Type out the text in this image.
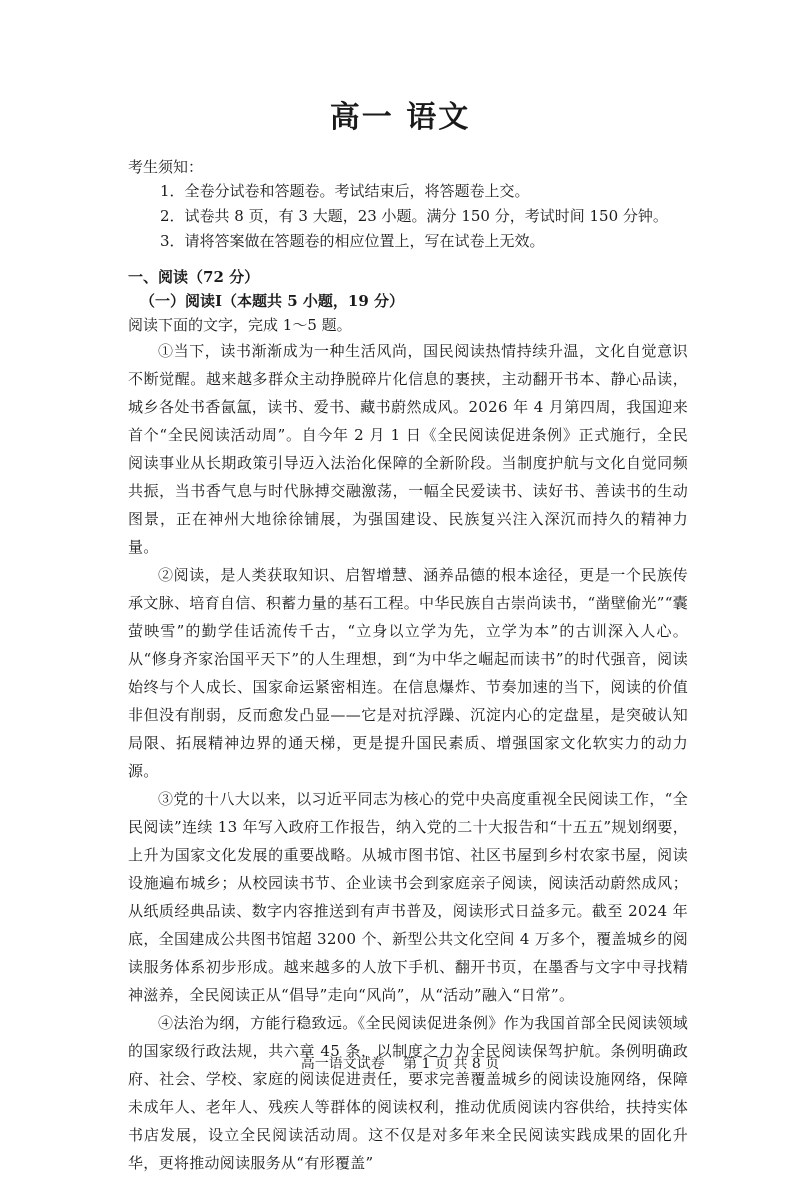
高一 语文
考生须知：
1．全卷分试卷和答题卷。考试结束后，将答题卷上交。
2．试卷共 8 页，有 3 大题，23 小题。满分 150 分，考试时间 150 分钟。
3．请将答案做在答题卷的相应位置上，写在试卷上无效。
一、阅读（72 分）
（一）阅读Ⅰ（本题共 5 小题，19 分）
阅读下面的文字，完成 1～5 题。

①当下，读书渐渐成为一种生活风尚，国民阅读热情持续升温，文化自觉意识不断觉醒。越来越多群众主动挣脱碎片化信息的裹挟，主动翻开书本、静心品读，城乡各处书香氤氲，读书、爱书、藏书蔚然成风。2026 年 4 月第四周，我国迎来首个“全民阅读活动周”。自今年 2 月 1 日《全民阅读促进条例》正式施行，全民阅读事业从长期政策引导迈入法治化保障的全新阶段。当制度护航与文化自觉同频共振，当书香气息与时代脉搏交融激荡，一幅全民爱读书、读好书、善读书的生动图景，正在神州大地徐徐铺展，为强国建设、民族复兴注入深沉而持久的精神力量。

②阅读，是人类获取知识、启智增慧、涵养品德的根本途径，更是一个民族传承文脉、培育自信、积蓄力量的基石工程。中华民族自古崇尚读书，“凿壁偷光”“囊萤映雪”的勤学佳话流传千古，“立身以立学为先，立学为本”的古训深入人心。从“修身齐家治国平天下”的人生理想，到“为中华之崛起而读书”的时代强音，阅读始终与个人成长、国家命运紧密相连。在信息爆炸、节奏加速的当下，阅读的价值非但没有削弱，反而愈发凸显——它是对抗浮躁、沉淀内心的定盘星，是突破认知局限、拓展精神边界的通天梯，更是提升国民素质、增强国家文化软实力的动力源。

③党的十八大以来，以习近平同志为核心的党中央高度重视全民阅读工作，“全民阅读”连续 13 年写入政府工作报告，纳入党的二十大报告和“十五五”规划纲要，上升为国家文化发展的重要战略。从城市图书馆、社区书屋到乡村农家书屋，阅读设施遍布城乡；从校园读书节、企业读书会到家庭亲子阅读，阅读活动蔚然成风；从纸质经典品读、数字内容推送到有声书普及，阅读形式日益多元。截至 2024 年底，全国建成公共图书馆超 3200 个、新型公共文化空间 4 万多个，覆盖城乡的阅读服务体系初步形成。越来越多的人放下手机、翻开书页，在墨香与文字中寻找精神滋养，全民阅读正从“倡导”走向“风尚”，从“活动”融入“日常”。

④法治为纲，方能行稳致远。《全民阅读促进条例》作为我国首部全民阅读领域的国家级行政法规，共六章 45 条，以制度之力为全民阅读保驾护航。条例明确政府、社会、学校、家庭的阅读促进责任，要求完善覆盖城乡的阅读设施网络，保障未成年人、老年人、残疾人等群体的阅读权利，推动优质阅读内容供给，扶持实体书店发展，设立全民阅读活动周。这不仅是对多年来全民阅读实践成果的固化升华，更将推动阅读服务从“有形覆盖”

高一语文试卷　 第 1 页 共 8 页
